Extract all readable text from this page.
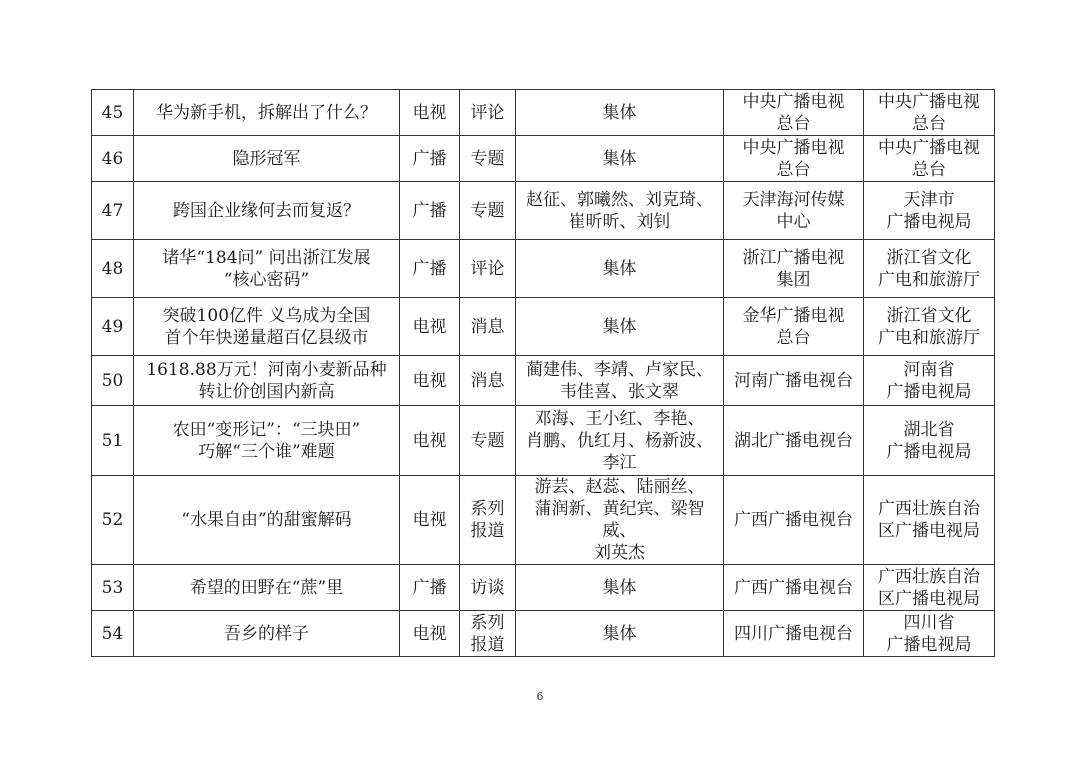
45	华为新手机，拆解出了什么？	电视	评论	集体	中央广播电视
总台	中央广播电视
总台

46	隐形冠军	广播	专题	集体	中央广播电视
总台	中央广播电视
总台

47	跨国企业缘何去而复返？	广播	专题	赵征、郭曦然、刘克琦、
崔昕昕、刘钊	天津海河传媒
中心	天津市
广播电视局

48	诸华“184问” 问出浙江发展
“核心密码”	广播	评论	集体	浙江广播电视
集团	浙江省文化
广电和旅游厅

49	突破100亿件 义乌成为全国
首个年快递量超百亿县级市	电视	消息	集体	金华广播电视
总台	浙江省文化
广电和旅游厅

50	1618.88万元！河南小麦新品种
转让价创国内新高	电视	消息	蔺建伟、李靖、卢家民、
韦佳喜、张文翠	河南广播电视台	河南省
广播电视局

51	农田“变形记”：“三块田”
巧解“三个谁”难题	电视	专题	邓海、王小红、李艳、
肖鹏、仇红月、杨新波、
李江	湖北广播电视台	湖北省
广播电视局

52	“水果自由”的甜蜜解码	电视	系列
报道	游芸、赵蕊、陆丽丝、
蒲润新、黄纪宾、梁智威、
刘英杰	广西广播电视台	广西壮族自治
区广播电视局

53	希望的田野在“蔗”里	广播	访谈	集体	广西广播电视台	广西壮族自治
区广播电视局

54	吾乡的样子	电视	系列
报道	集体	四川广播电视台	四川省
广播电视局
6
